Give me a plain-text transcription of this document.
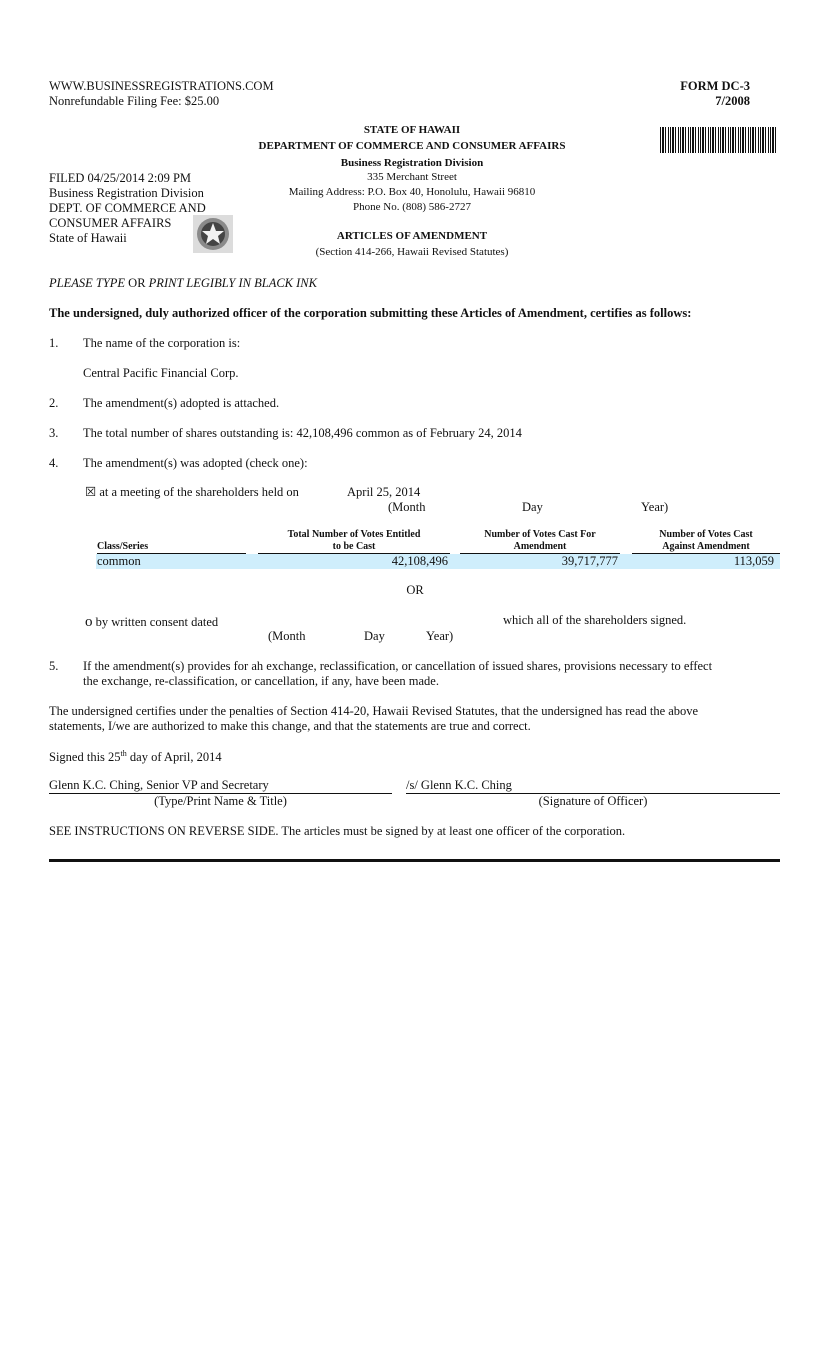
WWW.BUSINESSREGISTRATIONS.COM
Nonrefundable Filing Fee: $25.00
FORM DC-3
7/2008
STATE OF HAWAII
DEPARTMENT OF COMMERCE AND CONSUMER AFFAIRS
Business Registration Division
335 Merchant Street
Mailing Address: P.O. Box 40, Honolulu, Hawaii 96810
Phone No. (808) 586-2727
ARTICLES OF AMENDMENT
(Section 414-266, Hawaii Revised Statutes)
FILED 04/25/2014 2:09 PM
Business Registration Division
DEPT. OF COMMERCE AND
CONSUMER AFFAIRS
State of Hawaii
PLEASE TYPE OR PRINT LEGIBLY IN BLACK INK
The undersigned, duly authorized officer of the corporation submitting these Articles of Amendment, certifies as follows:
1. The name of the corporation is:
Central Pacific Financial Corp.
2. The amendment(s) adopted is attached.
3. The total number of shares outstanding is: 42,108,496 common as of February 24, 2014
4. The amendment(s) was adopted (check one):
☒ at a meeting of the shareholders held on	April 25, 2014
(Month	Day	Year)
Class/Series
Total Number of Votes Entitled
to be Cast
Number of Votes Cast For
Amendment
Number of Votes Cast
Against Amendment
common	42,108,496	39,717,777	113,059
OR
o by written consent dated	which all of the shareholders signed.
(Month	Day	Year)
5. If the amendment(s) provides for ah exchange, reclassification, or cancellation of issued shares, provisions necessary to effect
the exchange, re-classification, or cancellation, if any, have been made.
The undersigned certifies under the penalties of Section 414-20, Hawaii Revised Statutes, that the undersigned has read the above
statements, I/we are authorized to make this change, and that the statements are true and correct.
Signed this 25th day of April, 2014
Glenn K.C. Ching, Senior VP and Secretary
(Type/Print Name & Title)
/s/ Glenn K.C. Ching
(Signature of Officer)
SEE INSTRUCTIONS ON REVERSE SIDE. The articles must be signed by at least one officer of the corporation.
